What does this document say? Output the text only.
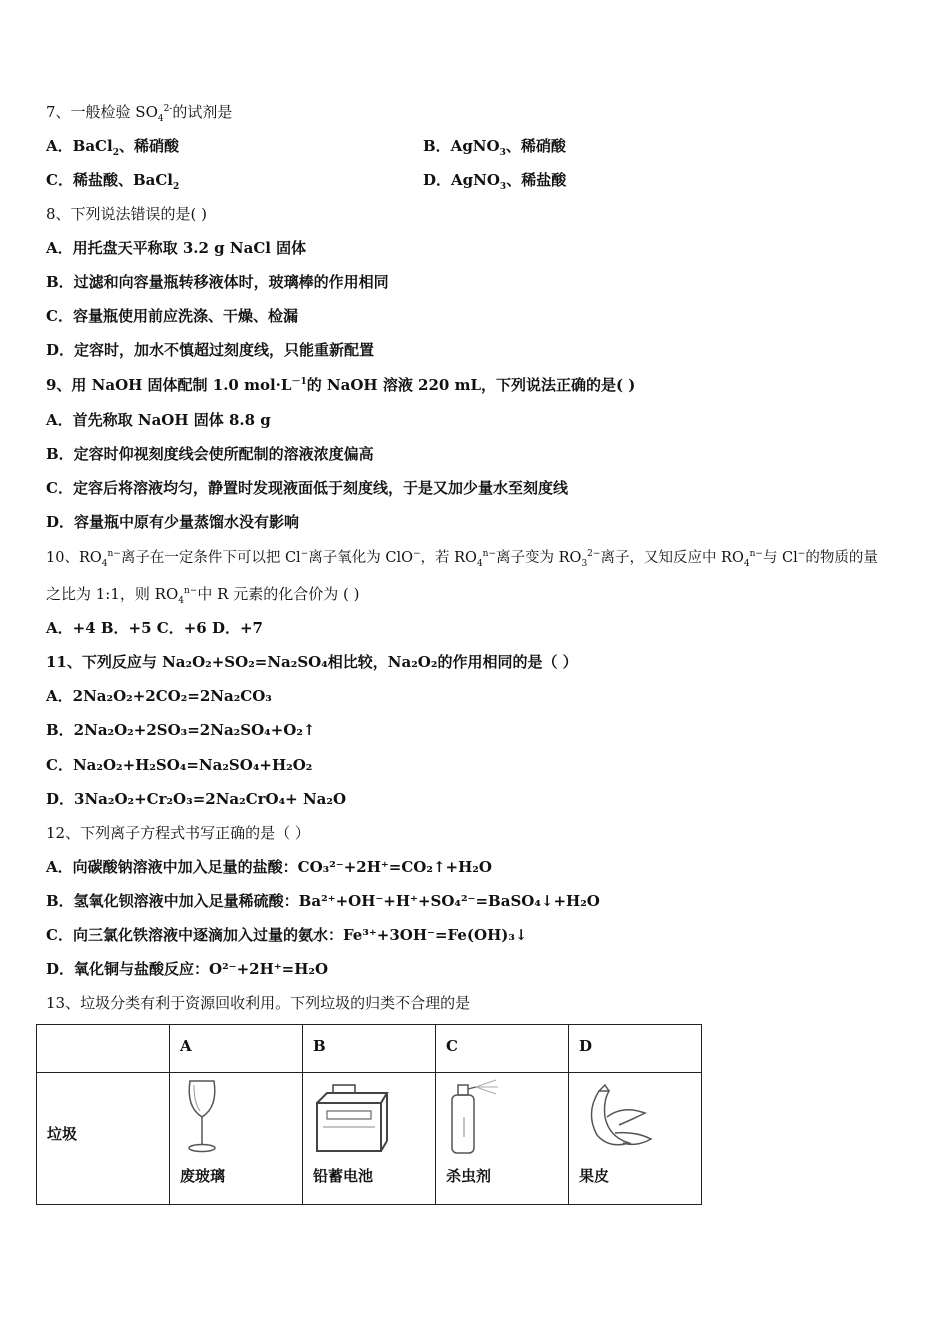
7、一般检验 $SO_4^{2-}$的试剂是
A．BaCl$_2$、稀硝酸	B．AgNO$_3$、稀硝酸
C．稀盐酸、BaCl$_2$	D．AgNO$_3$、稀盐酸
8、下列说法错误的是( )
A．用托盘天平称取 3.2 g NaCl 固体
B．过滤和向容量瓶转移液体时，玻璃棒的作用相同
C．容量瓶使用前应洗涤、干燥、检漏
D．定容时，加水不慎超过刻度线，只能重新配置
9、用 NaOH 固体配制 1.0 $mol\cdot L^{-1}$的 NaOH 溶液 220 mL，下列说法正确的是( )
A．首先称取 NaOH 固体 8.8 g
B．定容时仰视刻度线会使所配制的溶液浓度偏高
C．定容后将溶液均匀，静置时发现液面低于刻度线，于是又加少量水至刻度线
D．容量瓶中原有少量蒸馏水没有影响
10、$RO_4^{n-}$离子在一定条件下可以把 Cl−离子氧化为 ClO−，若 $RO_4^{n-}$离子变为 $RO_3^{2-}$离子，又知反应中 $RO_4^{n-}$与 Cl−的物质的量
之比为 1:1，则 $RO_4^{n-}$中 R 元素的化合价为 ( )
A．+4 B．+5 C．+6 D．+7
11、下列反应与 Na₂O₂+SO₂=Na₂SO₄相比较，Na₂O₂的作用相同的是（ ）
A．2Na₂O₂+2CO₂=2Na₂CO₃
B．2Na₂O₂+2SO₃=2Na₂SO₄+O₂↑
C．Na₂O₂+H₂SO₄=Na₂SO₄+H₂O₂
D．3Na₂O₂+Cr₂O₃=2Na₂CrO₄+ Na₂O
12、下列离子方程式书写正确的是（ ）
A．向碳酸钠溶液中加入足量的盐酸：CO₃²⁻+2H⁺=CO₂↑+H₂O
B．氢氧化钡溶液中加入足量稀硫酸：Ba²⁺+OH⁻+H⁺+SO₄²⁻=BaSO₄↓+H₂O
C．向三氯化铁溶液中逐滴加入过量的氨水：Fe³⁺+3OH⁻=Fe(OH)₃↓
D．氧化铜与盐酸反应：O²⁻+2H⁺=H₂O
13、垃圾分类有利于资源回收利用。下列垃圾的归类不合理的是

	A	B	C	D

垃圾	废玻璃	铅蓄电池	杀虫剂	果皮
